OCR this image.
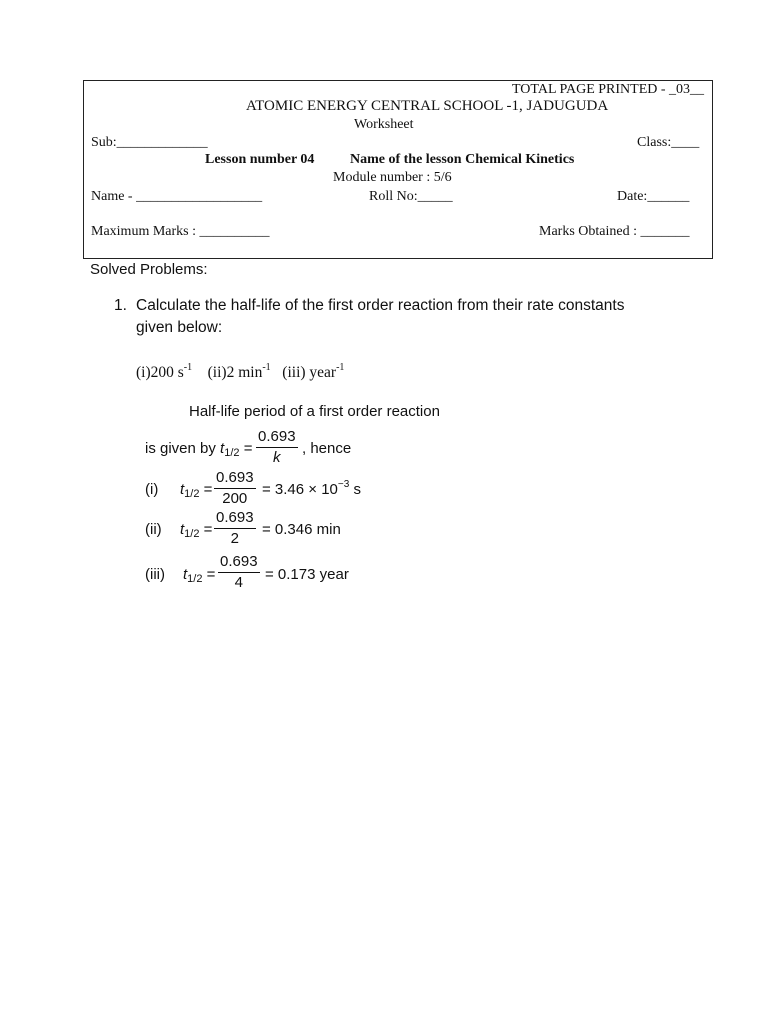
TOTAL PAGE PRINTED - _03__
ATOMIC ENERGY CENTRAL SCHOOL -1, JADUGUDA
Worksheet
Sub:_____________	Class:____
Lesson number 04	Name of the lesson Chemical Kinetics
Module number : 5/6
Name - __________________	Roll No:_____	Date:______
Maximum Marks : __________	Marks Obtained : _______
Solved Problems:
1. Calculate the half-life of the first order reaction from their rate constants
given below:
(i)200 $s^{-1}$ (ii)2 $\min^{-1} (iii)$ year$^{-1}$
Half-life period of a first order reaction
is given by $t_{1/2}$ =
0.693
k
, hence
(i) $t_{1/2}$ =
0.693
200
= $3.46 \times 10^{-3}$ s
(ii) $t_{1/2}$ =
0.693
2
= 0.346 min
(iii) $t_{1/2}$ =
0.693
4 = 0.173 year
